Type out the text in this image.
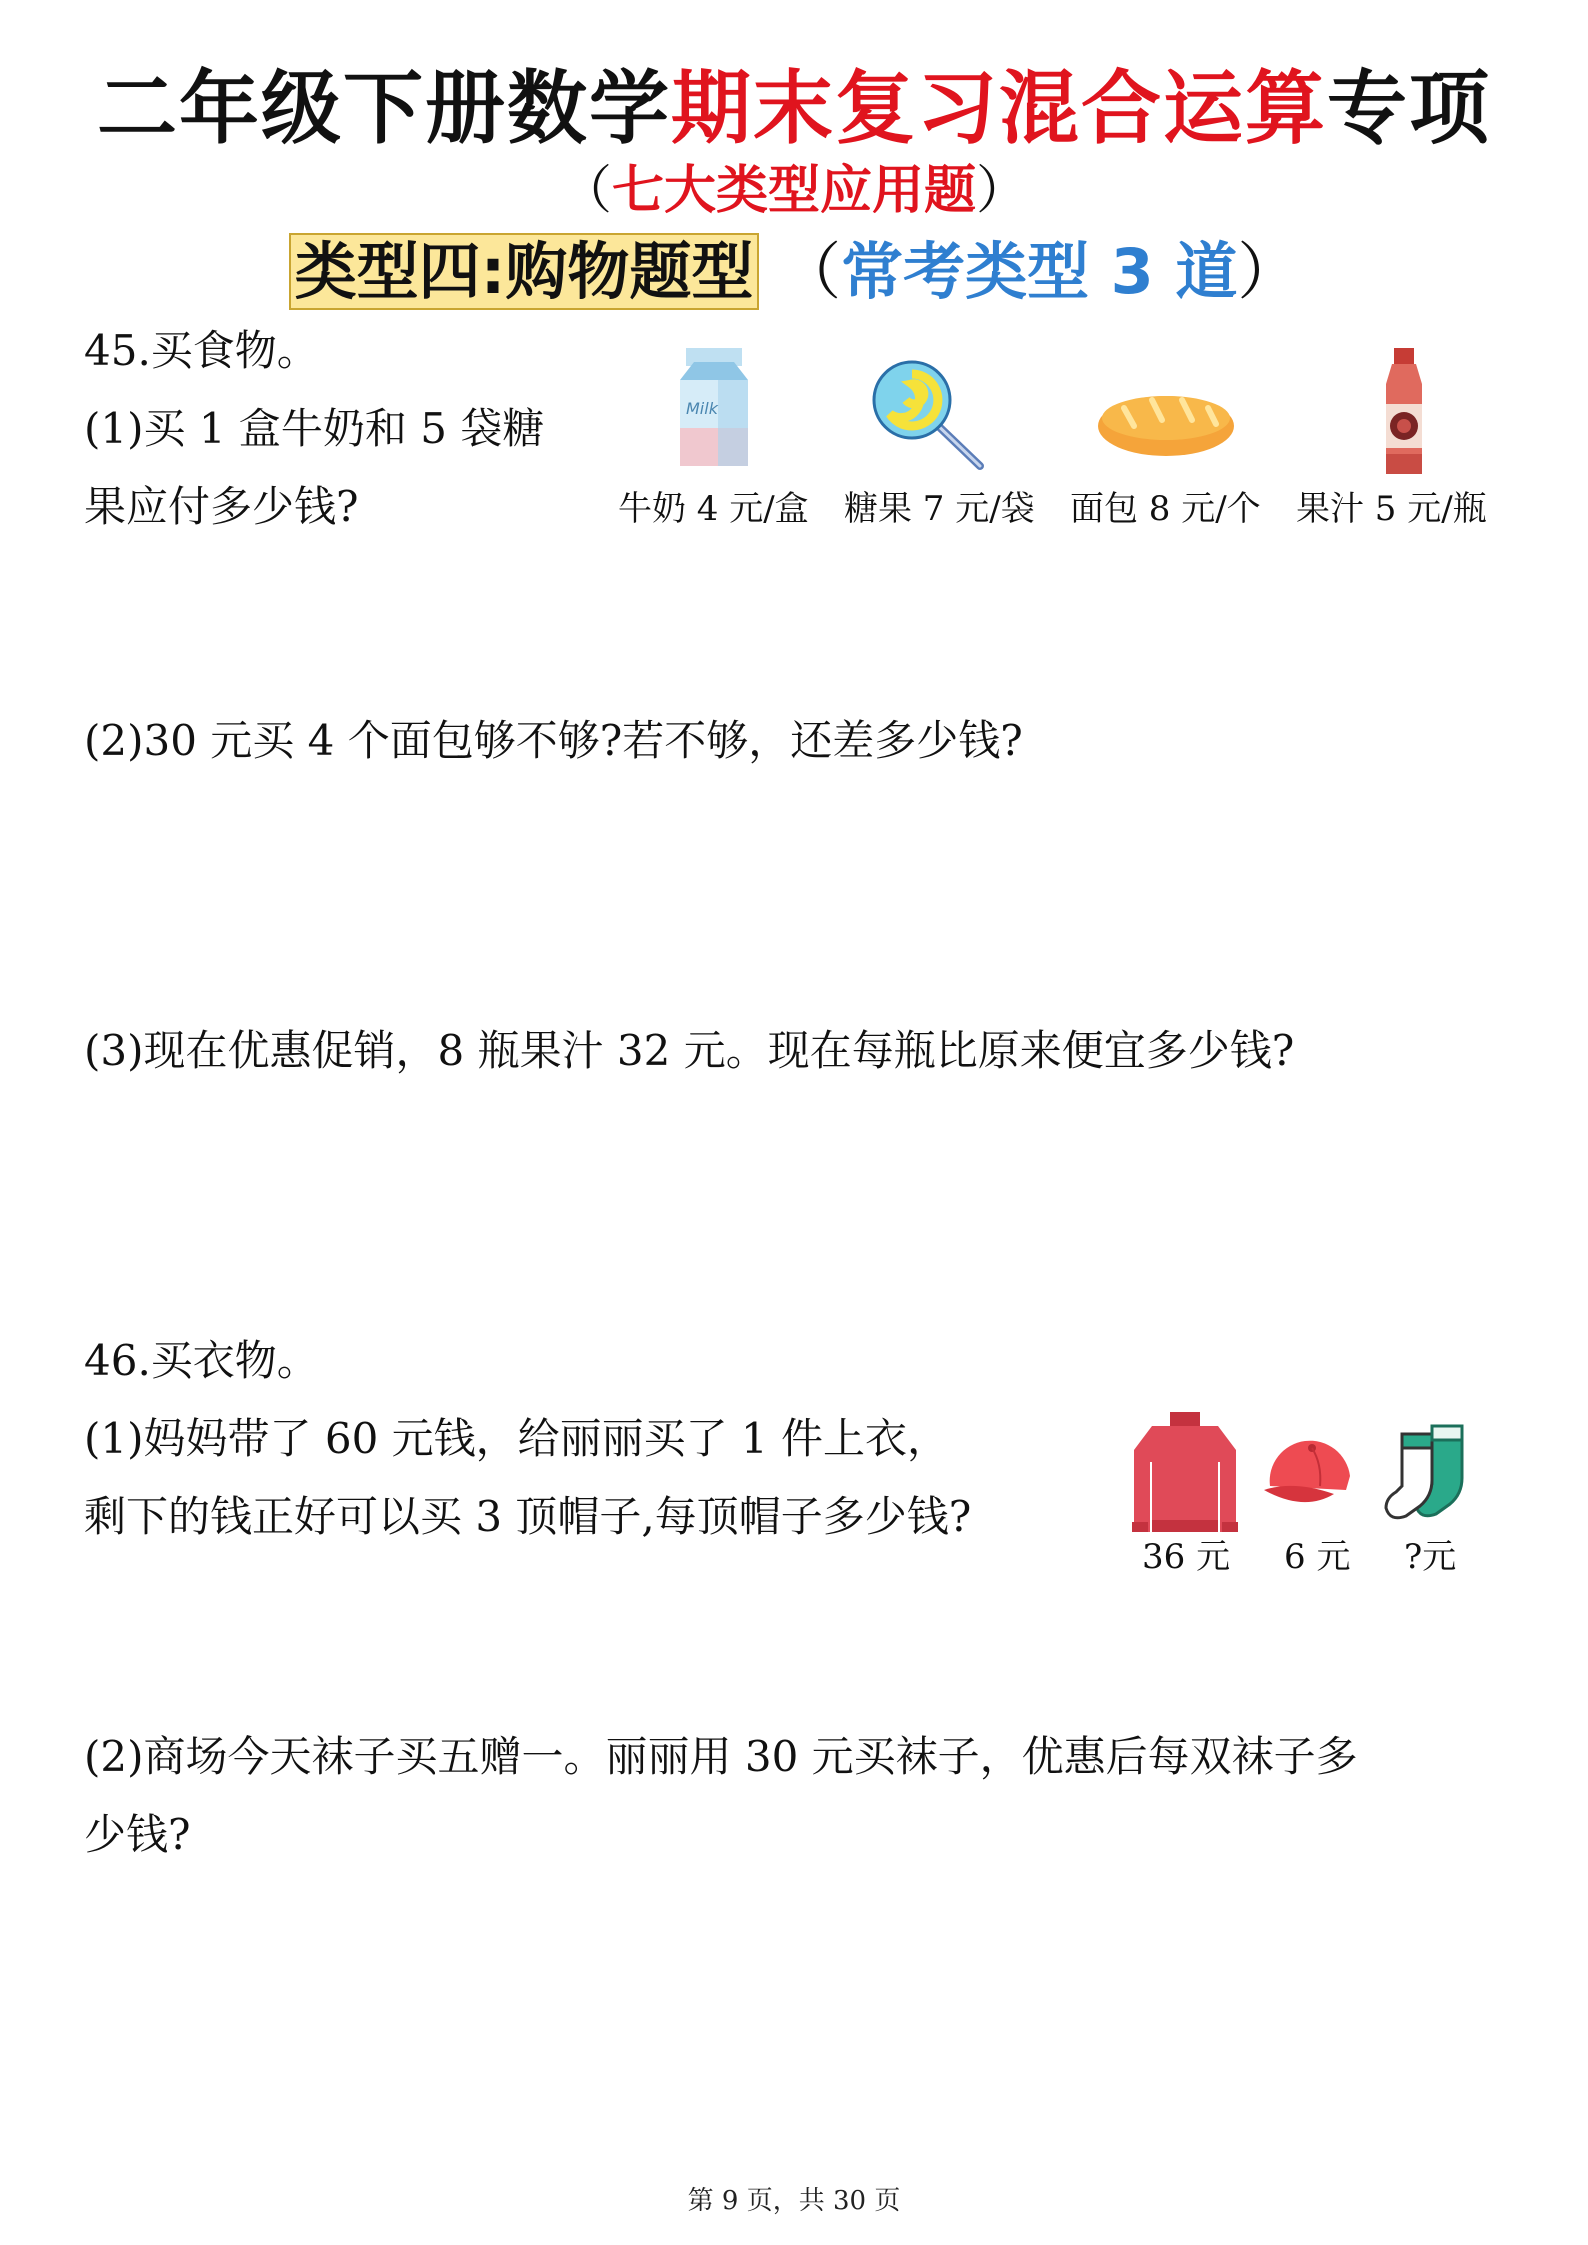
二年级下册数学期末复习混合运算专项
（七大类型应用题）
类型四:购物题型 （常考类型 3 道）
45.买食物。
(1)买 1 盒牛奶和 5 袋糖
果应付多少钱?
Milk
牛奶 4 元/盒 糖果 7 元/袋 面包 8 元/个 果汁 5 元/瓶
(2)30 元买 4 个面包够不够?若不够，还差多少钱?
(3)现在优惠促销，8 瓶果汁 32 元。现在每瓶比原来便宜多少钱?
46.买衣物。
(1)妈妈带了 60 元钱，给丽丽买了 1 件上衣，
剩下的钱正好可以买 3 顶帽子,每顶帽子多少钱?
36 元 6 元 ?元
(2)商场今天袜子买五赠一。丽丽用 30 元买袜子，优惠后每双袜子多
少钱?
第 9 页，共 30 页
